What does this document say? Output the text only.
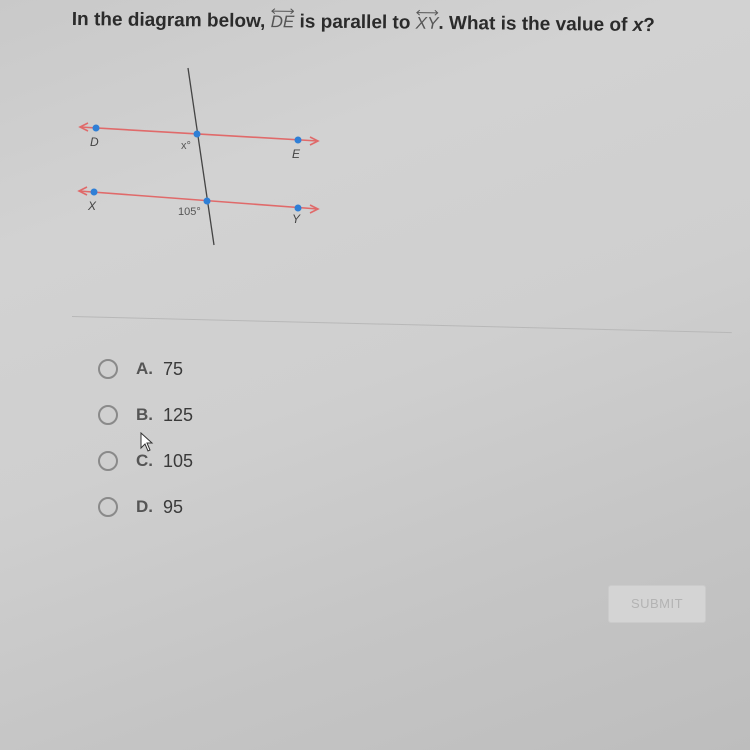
In the diagram below, DE is parallel to XY. What is the value of x?
D
E
X
Y
x°
105°
A. 75
B. 125
C. 105
D. 95
SUBMIT
